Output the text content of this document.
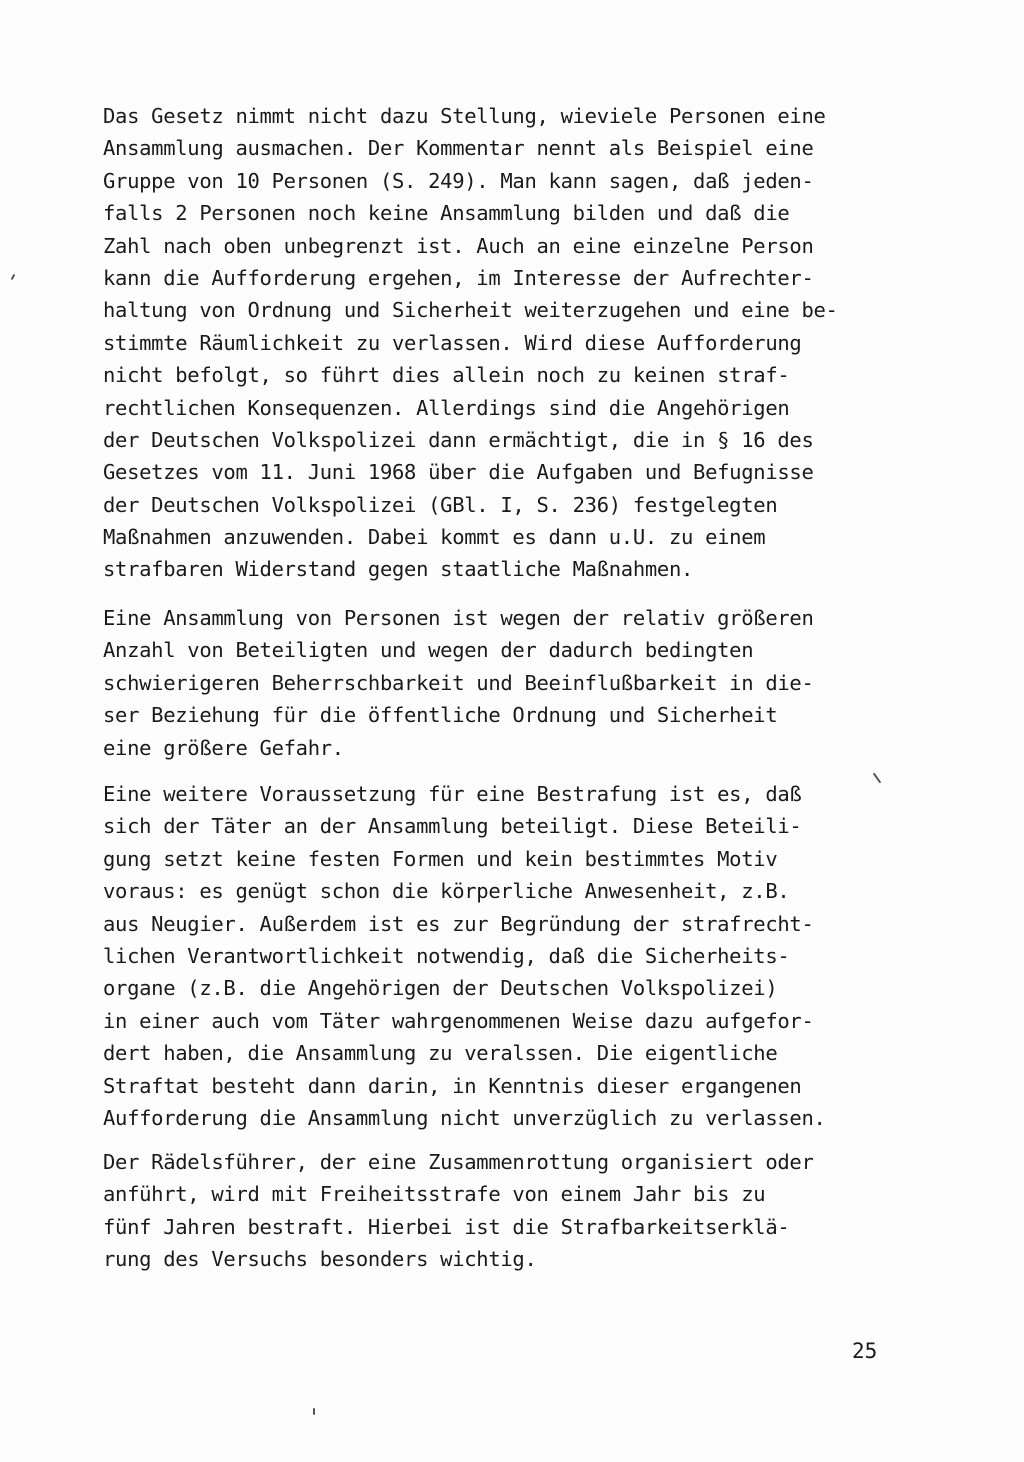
Das Gesetz nimmt nicht dazu Stellung, wieviele Personen eine
Ansammlung ausmachen. Der Kommentar nennt als Beispiel eine
Gruppe von 10 Personen (S. 249). Man kann sagen, daß jeden-
falls 2 Personen noch keine Ansammlung bilden und daß die
Zahl nach oben unbegrenzt ist. Auch an eine einzelne Person
kann die Aufforderung ergehen, im Interesse der Aufrechter-
haltung von Ordnung und Sicherheit weiterzugehen und eine be-
stimmte Räumlichkeit zu verlassen. Wird diese Aufforderung
nicht befolgt, so führt dies allein noch zu keinen straf-
rechtlichen Konsequenzen. Allerdings sind die Angehörigen
der Deutschen Volkspolizei dann ermächtigt, die in § 16 des
Gesetzes vom 11. Juni 1968 über die Aufgaben und Befugnisse
der Deutschen Volkspolizei (GBl. I, S. 236) festgelegten
Maßnahmen anzuwenden. Dabei kommt es dann u.U. zu einem
strafbaren Widerstand gegen staatliche Maßnahmen.
Eine Ansammlung von Personen ist wegen der relativ größeren
Anzahl von Beteiligten und wegen der dadurch bedingten
schwierigeren Beherrschbarkeit und Beeinflußbarkeit in die-
ser Beziehung für die öffentliche Ordnung und Sicherheit
eine größere Gefahr.
Eine weitere Voraussetzung für eine Bestrafung ist es, daß
sich der Täter an der Ansammlung beteiligt. Diese Beteili-
gung setzt keine festen Formen und kein bestimmtes Motiv
voraus: es genügt schon die körperliche Anwesenheit, z.B.
aus Neugier. Außerdem ist es zur Begründung der strafrecht-
lichen Verantwortlichkeit notwendig, daß die Sicherheits-
organe (z.B. die Angehörigen der Deutschen Volkspolizei)
in einer auch vom Täter wahrgenommenen Weise dazu aufgefor-
dert haben, die Ansammlung zu veralssen. Die eigentliche
Straftat besteht dann darin, in Kenntnis dieser ergangenen
Aufforderung die Ansammlung nicht unverzüglich zu verlassen.
Der Rädelsführer, der eine Zusammenrottung organisiert oder
anführt, wird mit Freiheitsstrafe von einem Jahr bis zu
fünf Jahren bestraft. Hierbei ist die Strafbarkeitserklä-
rung des Versuchs besonders wichtig.
25
